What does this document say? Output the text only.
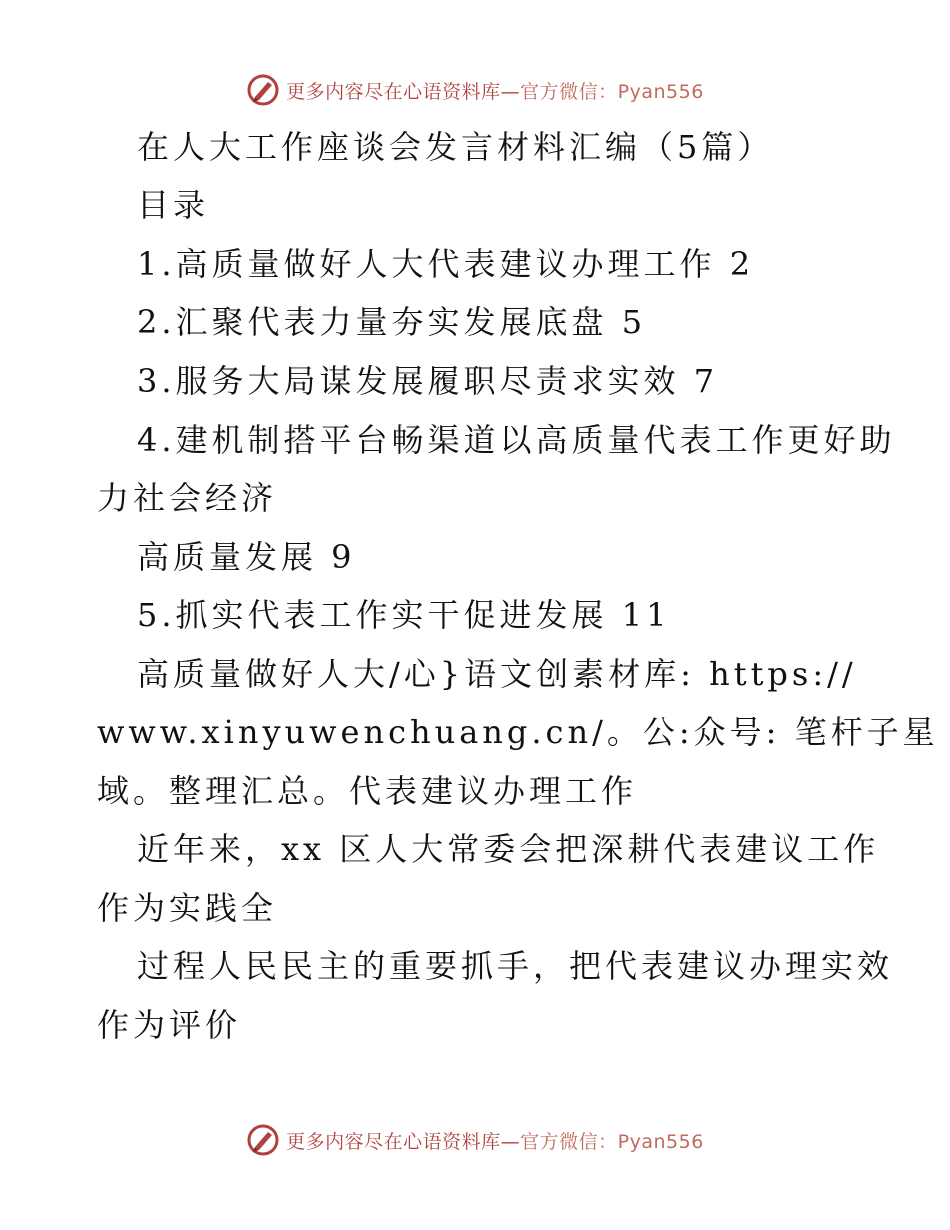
更多内容尽在心语资料库—官方微信：Pyan556
在人大工作座谈会发言材料汇编（5篇）
目录
1.高质量做好人大代表建议办理工作 2
2.汇聚代表力量夯实发展底盘 5
3.服务大局谋发展履职尽责求实效 7
4.建机制搭平台畅渠道以高质量代表工作更好助
力社会经济
高质量发展 9
5.抓实代表工作实干促进发展 11
高质量做好人大/心}语文创素材库: https://
www.xinyuwenchuang.cn/。公:众号: 笔杆子星
域。整理汇总。代表建议办理工作
近年来，xx 区人大常委会把深耕代表建议工作
作为实践全
过程人民民主的重要抓手，把代表建议办理实效
作为评价
更多内容尽在心语资料库—官方微信：Pyan556
